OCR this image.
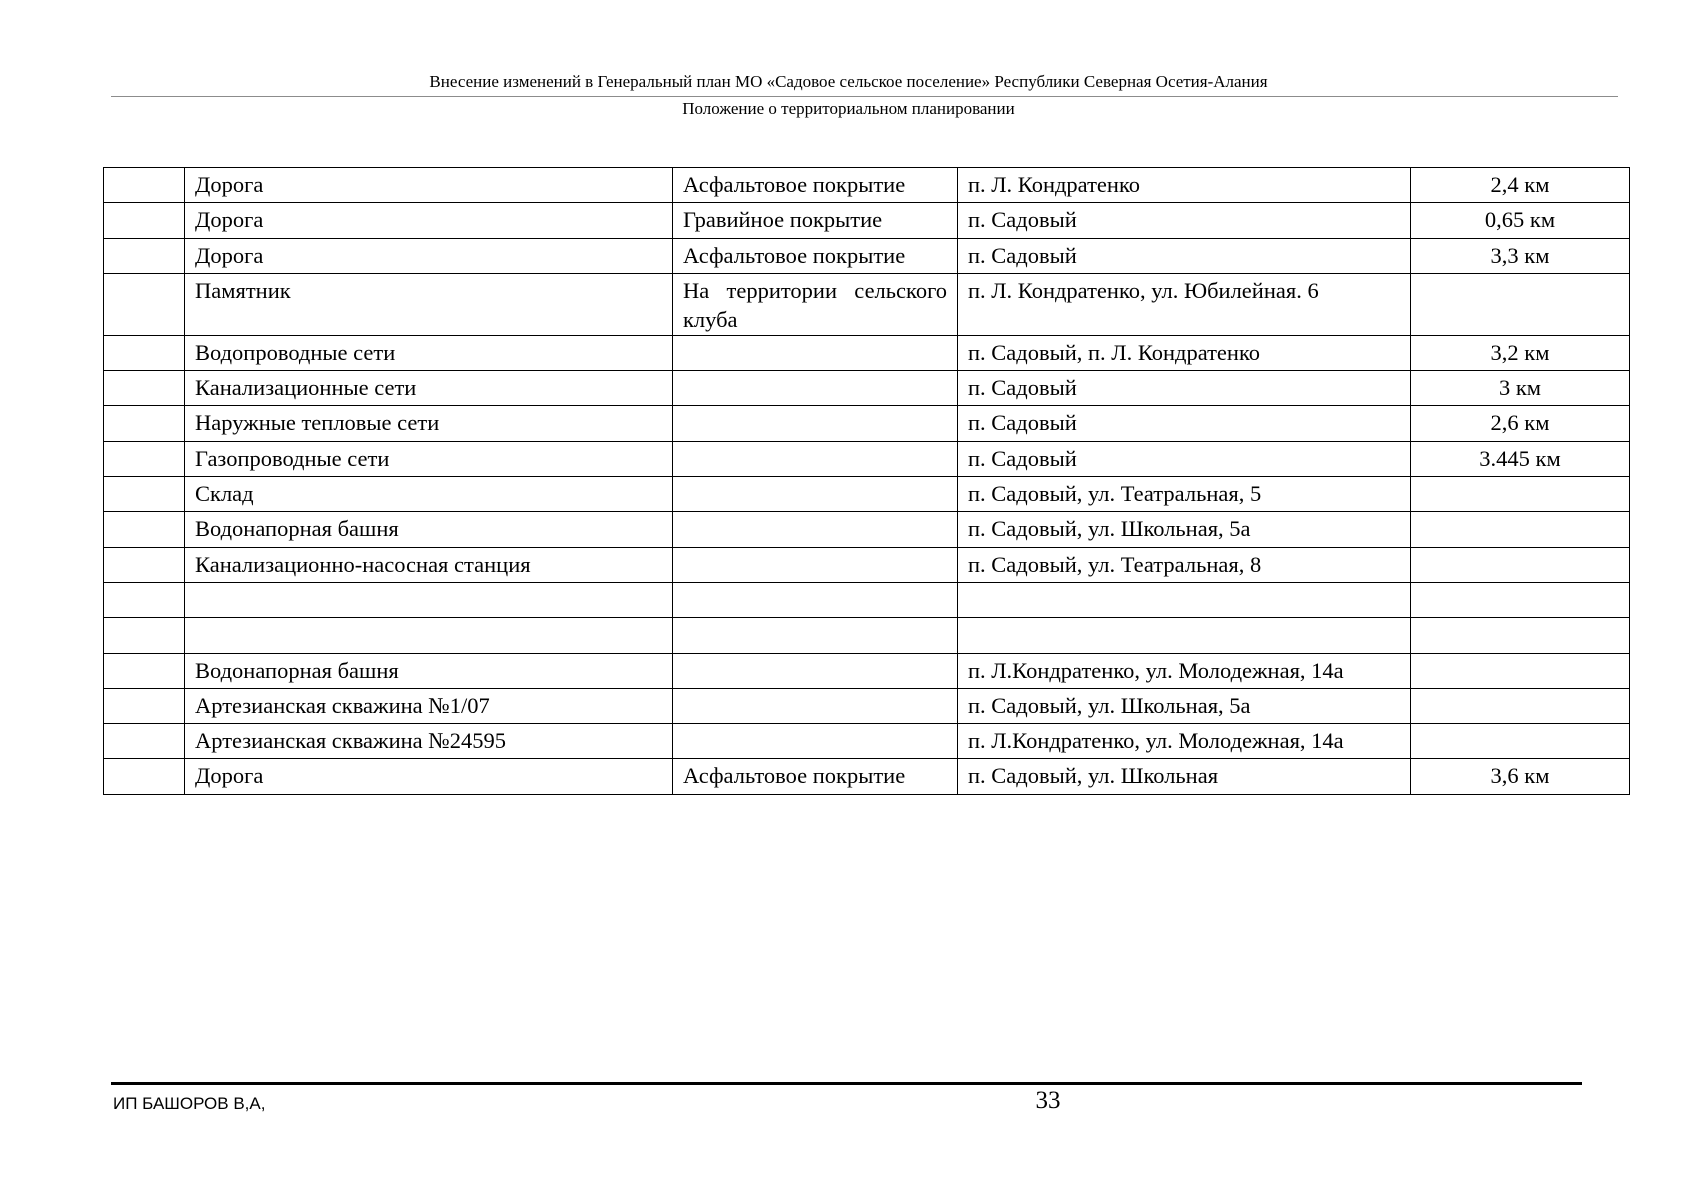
Внесение изменений в Генеральный план МО «Садовое сельское поселение» Республики Северная Осетия-Алания
Положение о территориальном планировании
	Дорога	Асфальтовое покрытие	п. Л. Кондратенко	2,4 км
	Дорога	Гравийное покрытие	п. Садовый	0,65 км
	Дорога	Асфальтовое покрытие	п. Садовый	3,3 км
	Памятник	На территории сельского клуба	п. Л. Кондратенко, ул. Юбилейная. 6	
	Водопроводные сети		п. Садовый, п. Л. Кондратенко	3,2 км
	Канализационные сети		п. Садовый	3 км
	Наружные тепловые сети		п. Садовый	2,6 км
	Газопроводные сети		п. Садовый	3.445 км
	Склад		п. Садовый, ул. Театральная, 5	
	Водонапорная башня		п. Садовый, ул. Школьная, 5а	
	Канализационно-насосная станция		п. Садовый, ул. Театральная, 8	

	Водонапорная башня		п. Л.Кондратенко, ул. Молодежная, 14а	
	Артезианская скважина №1/07		п. Садовый, ул. Школьная, 5а	
	Артезианская скважина №24595		п. Л.Кондратенко, ул. Молодежная, 14а	
	Дорога	Асфальтовое покрытие	п. Садовый, ул. Школьная	3,6 км
ИП БАШОРОВ В,А,	33
